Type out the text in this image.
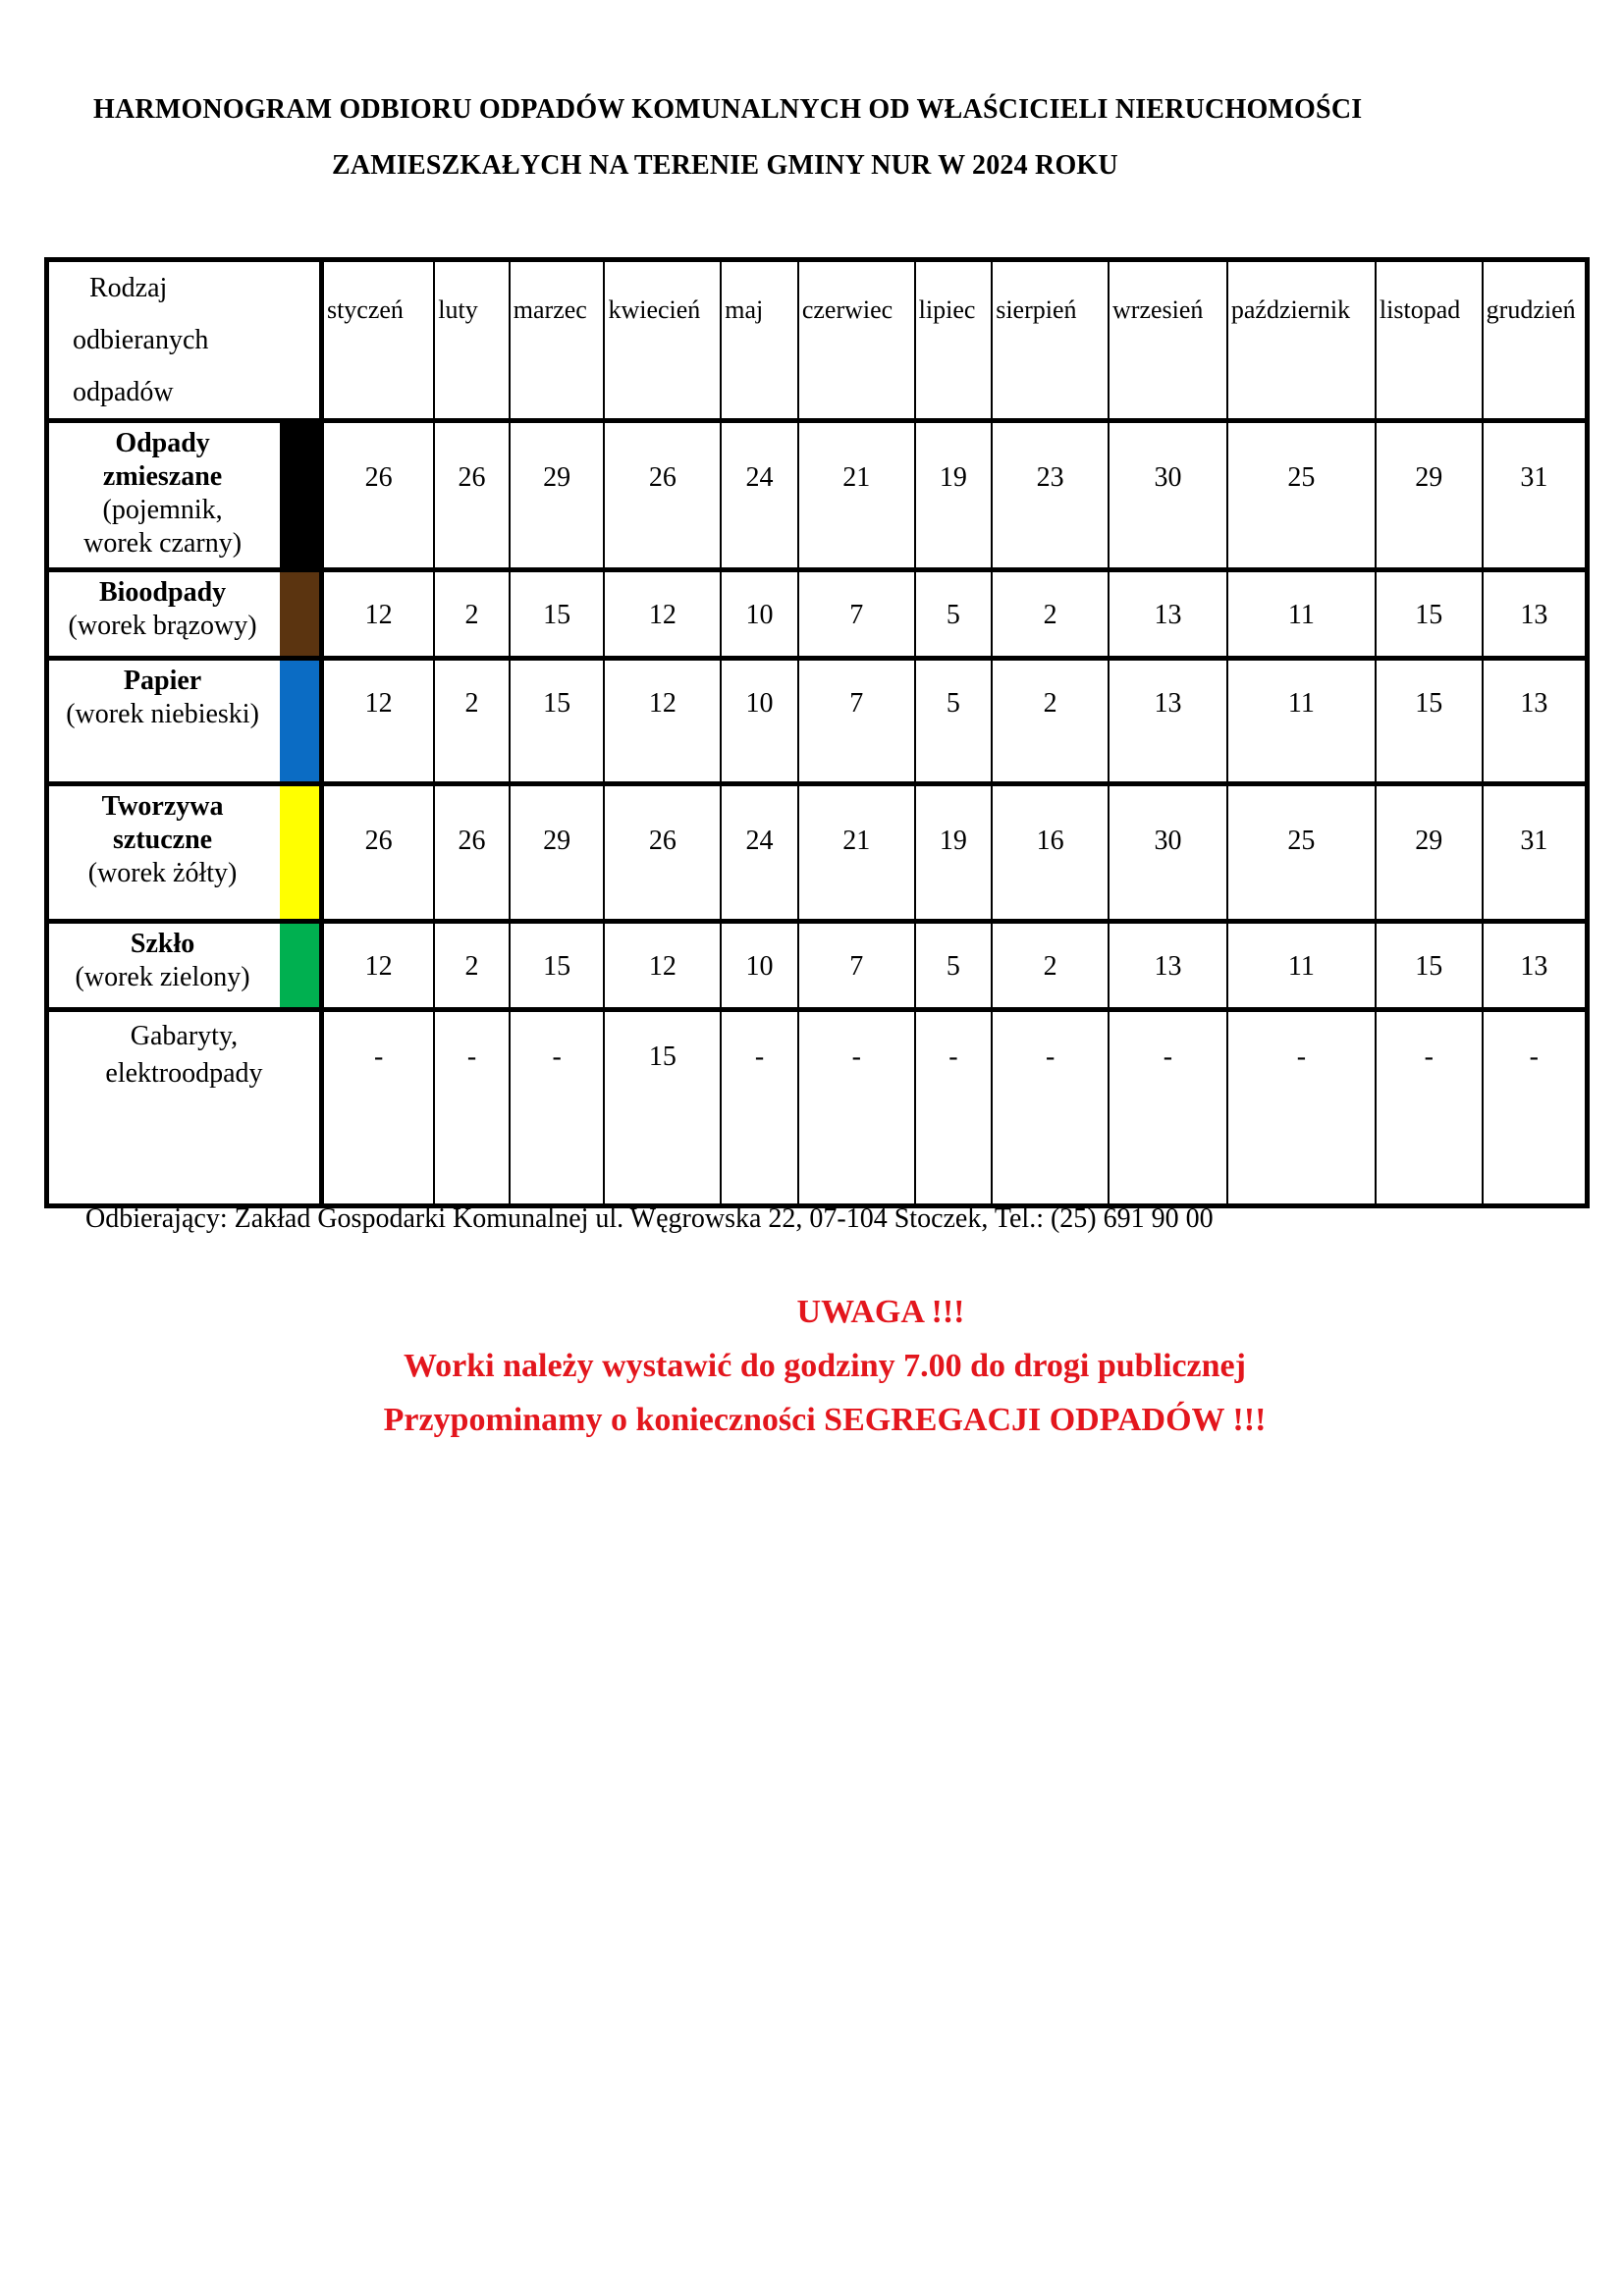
HARMONOGRAM ODBIORU ODPADÓW KOMUNALNYCH OD WŁAŚCICIELI NIERUCHOMOŚCI
ZAMIESZKAŁYCH NA TERENIE GMINY NUR W 2024 ROKU
Rodzaj
odbieranych
odpadów		styczeń	luty	marzec	kwiecień	maj	czerwiec	lipiec	sierpień	wrzesień	październik	listopad	grudzień

Odpady
zmieszane
(pojemnik,
worek czarny)		26	26	29	26	24	21	19	23	30	25	29	31

Bioodpady
(worek brązowy)		12	2	15	12	10	7	5	2	13	11	15	13

Papier
(worek niebieski)		12	2	15	12	10	7	5	2	13	11	15	13

Tworzywa
sztuczne
(worek żółty)		26	26	29	26	24	21	19	16	30	25	29	31

Szkło
(worek zielony)		12	2	15	12	10	7	5	2	13	11	15	13

Gabaryty,
elektroodpady		-	-	-	15	-	-	-	-	-	-	-	-
Odbierający: Zakład Gospodarki Komunalnej ul. Węgrowska 22, 07-104 Stoczek, Tel.: (25) 691 90 00
UWAGA !!!
Worki należy wystawić do godziny 7.00 do drogi publicznej
Przypominamy o konieczności SEGREGACJI ODPADÓW !!!
